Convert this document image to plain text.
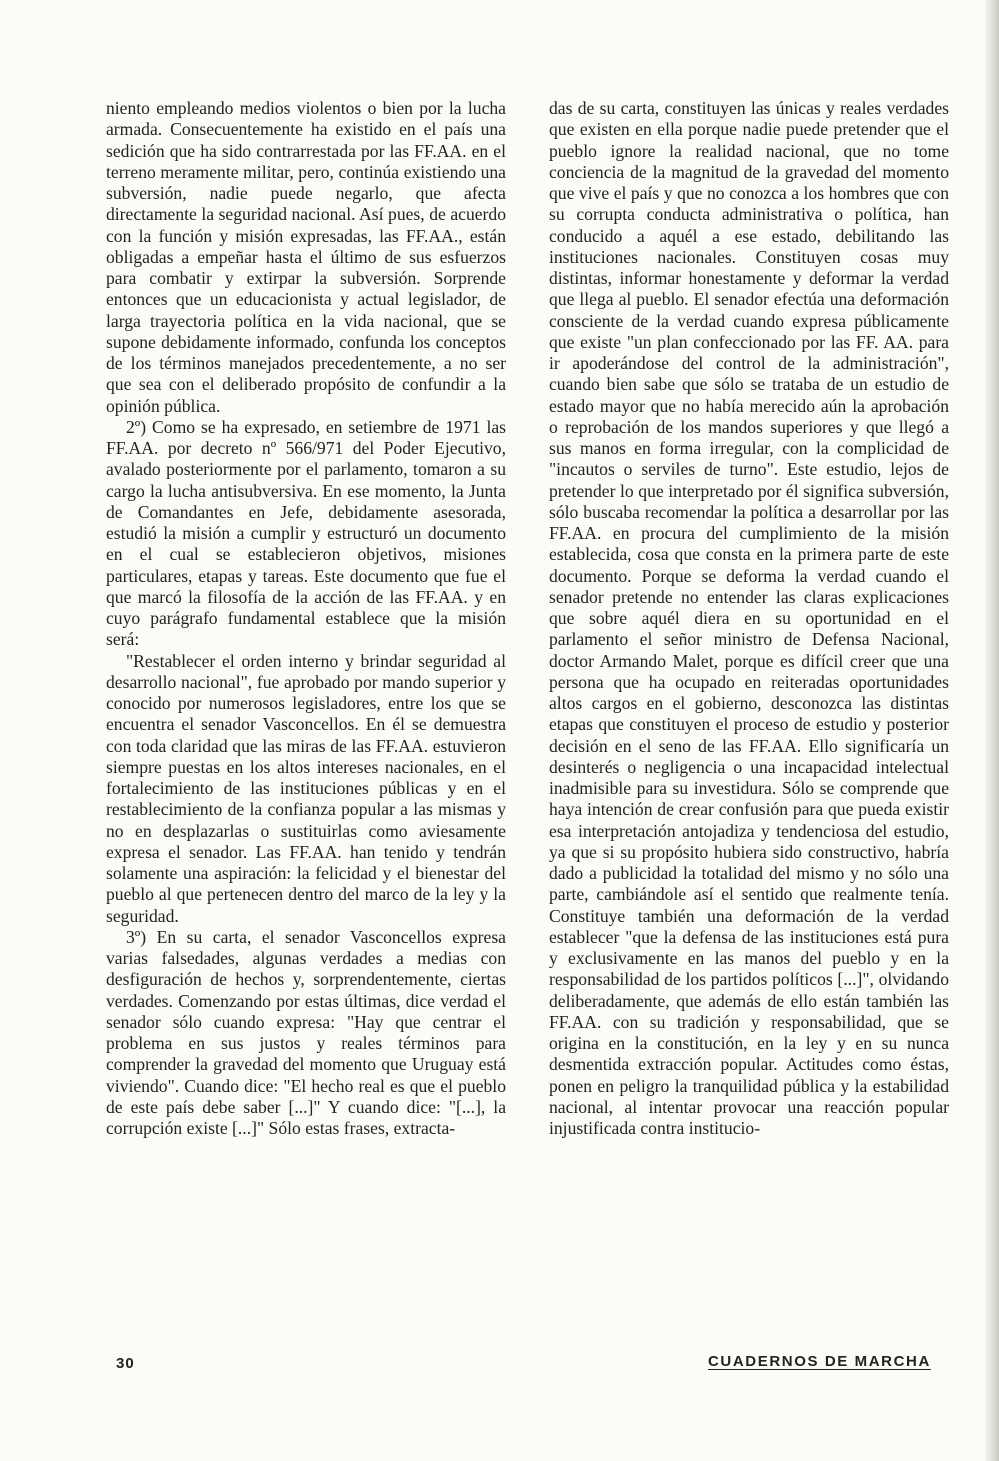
niento empleando medios violentos o bien por la lucha armada. Consecuentemente ha existido en el país una sedición que ha sido contrarrestada por las FF.AA. en el terreno meramente militar, pero, continúa existiendo una subversión, nadie puede negarlo, que afecta directamente la seguridad nacional. Así pues, de acuerdo con la función y misión expresadas, las FF.AA., están obligadas a empeñar hasta el último de sus esfuerzos para combatir y extirpar la subversión. Sorprende entonces que un educacionista y actual legislador, de larga trayectoria política en la vida nacional, que se supone debidamente informado, confunda los conceptos de los términos manejados precedentemente, a no ser que sea con el deliberado propósito de confundir a la opinión pública.

2º) Como se ha expresado, en setiembre de 1971 las FF.AA. por decreto nº 566/971 del Poder Ejecutivo, avalado posteriormente por el parlamento, tomaron a su cargo la lucha antisubversiva. En ese momento, la Junta de Comandantes en Jefe, debidamente asesorada, estudió la misión a cumplir y estructuró un documento en el cual se establecieron objetivos, misiones particulares, etapas y tareas. Este documento que fue el que marcó la filosofía de la acción de las FF.AA. y en cuyo parágrafo fundamental establece que la misión será:

"Restablecer el orden interno y brindar seguridad al desarrollo nacional", fue aprobado por mando superior y conocido por numerosos legisladores, entre los que se encuentra el senador Vasconcellos. En él se demuestra con toda claridad que las miras de las FF.AA. estuvieron siempre puestas en los altos intereses nacionales, en el fortalecimiento de las instituciones públicas y en el restablecimiento de la confianza popular a las mismas y no en desplazarlas o sustituirlas como aviesamente expresa el senador. Las FF.AA. han tenido y tendrán solamente una aspiración: la felicidad y el bienestar del pueblo al que pertenecen dentro del marco de la ley y la seguridad.

3º) En su carta, el senador Vasconcellos expresa varias falsedades, algunas verdades a medias con desfiguración de hechos y, sorprendentemente, ciertas verdades. Comenzando por estas últimas, dice verdad el senador sólo cuando expresa: "Hay que centrar el problema en sus justos y reales términos para comprender la gravedad del momento que Uruguay está viviendo". Cuando dice: "El hecho real es que el pueblo de este país debe saber [...]" Y cuando dice: "[...], la corrupción existe [...]" Sólo estas frases, extracta-

das de su carta, constituyen las únicas y reales verdades que existen en ella porque nadie puede pretender que el pueblo ignore la realidad nacional, que no tome conciencia de la magnitud de la gravedad del momento que vive el país y que no conozca a los hombres que con su corrupta conducta administrativa o política, han conducido a aquél a ese estado, debilitando las instituciones nacionales. Constituyen cosas muy distintas, informar honestamente y deformar la verdad que llega al pueblo. El senador efectúa una deformación consciente de la verdad cuando expresa públicamente que existe "un plan confeccionado por las FF. AA. para ir apoderándose del control de la administración", cuando bien sabe que sólo se trataba de un estudio de estado mayor que no había merecido aún la aprobación o reprobación de los mandos superiores y que llegó a sus manos en forma irregular, con la complicidad de "incautos o serviles de turno". Este estudio, lejos de pretender lo que interpretado por él significa subversión, sólo buscaba recomendar la política a desarrollar por las FF.AA. en procura del cumplimiento de la misión establecida, cosa que consta en la primera parte de este documento. Porque se deforma la verdad cuando el senador pretende no entender las claras explicaciones que sobre aquél diera en su oportunidad en el parlamento el señor ministro de Defensa Nacional, doctor Armando Malet, porque es difícil creer que una persona que ha ocupado en reiteradas oportunidades altos cargos en el gobierno, desconozca las distintas etapas que constituyen el proceso de estudio y posterior decisión en el seno de las FF.AA. Ello significaría un desinterés o negligencia o una incapacidad intelectual inadmisible para su investidura. Sólo se comprende que haya intención de crear confusión para que pueda existir esa interpretación antojadiza y tendenciosa del estudio, ya que si su propósito hubiera sido constructivo, habría dado a publicidad la totalidad del mismo y no sólo una parte, cambiándole así el sentido que realmente tenía. Constituye también una deformación de la verdad establecer "que la defensa de las instituciones está pura y exclusivamente en las manos del pueblo y en la responsabilidad de los partidos políticos [...]", olvidando deliberadamente, que además de ello están también las FF.AA. con su tradición y responsabilidad, que se origina en la constitución, en la ley y en su nunca desmentida extracción popular. Actitudes como éstas, ponen en peligro la tranquilidad pública y la estabilidad nacional, al intentar provocar una reacción popular injustificada contra institucio-

30	CUADERNOS DE MARCHA
